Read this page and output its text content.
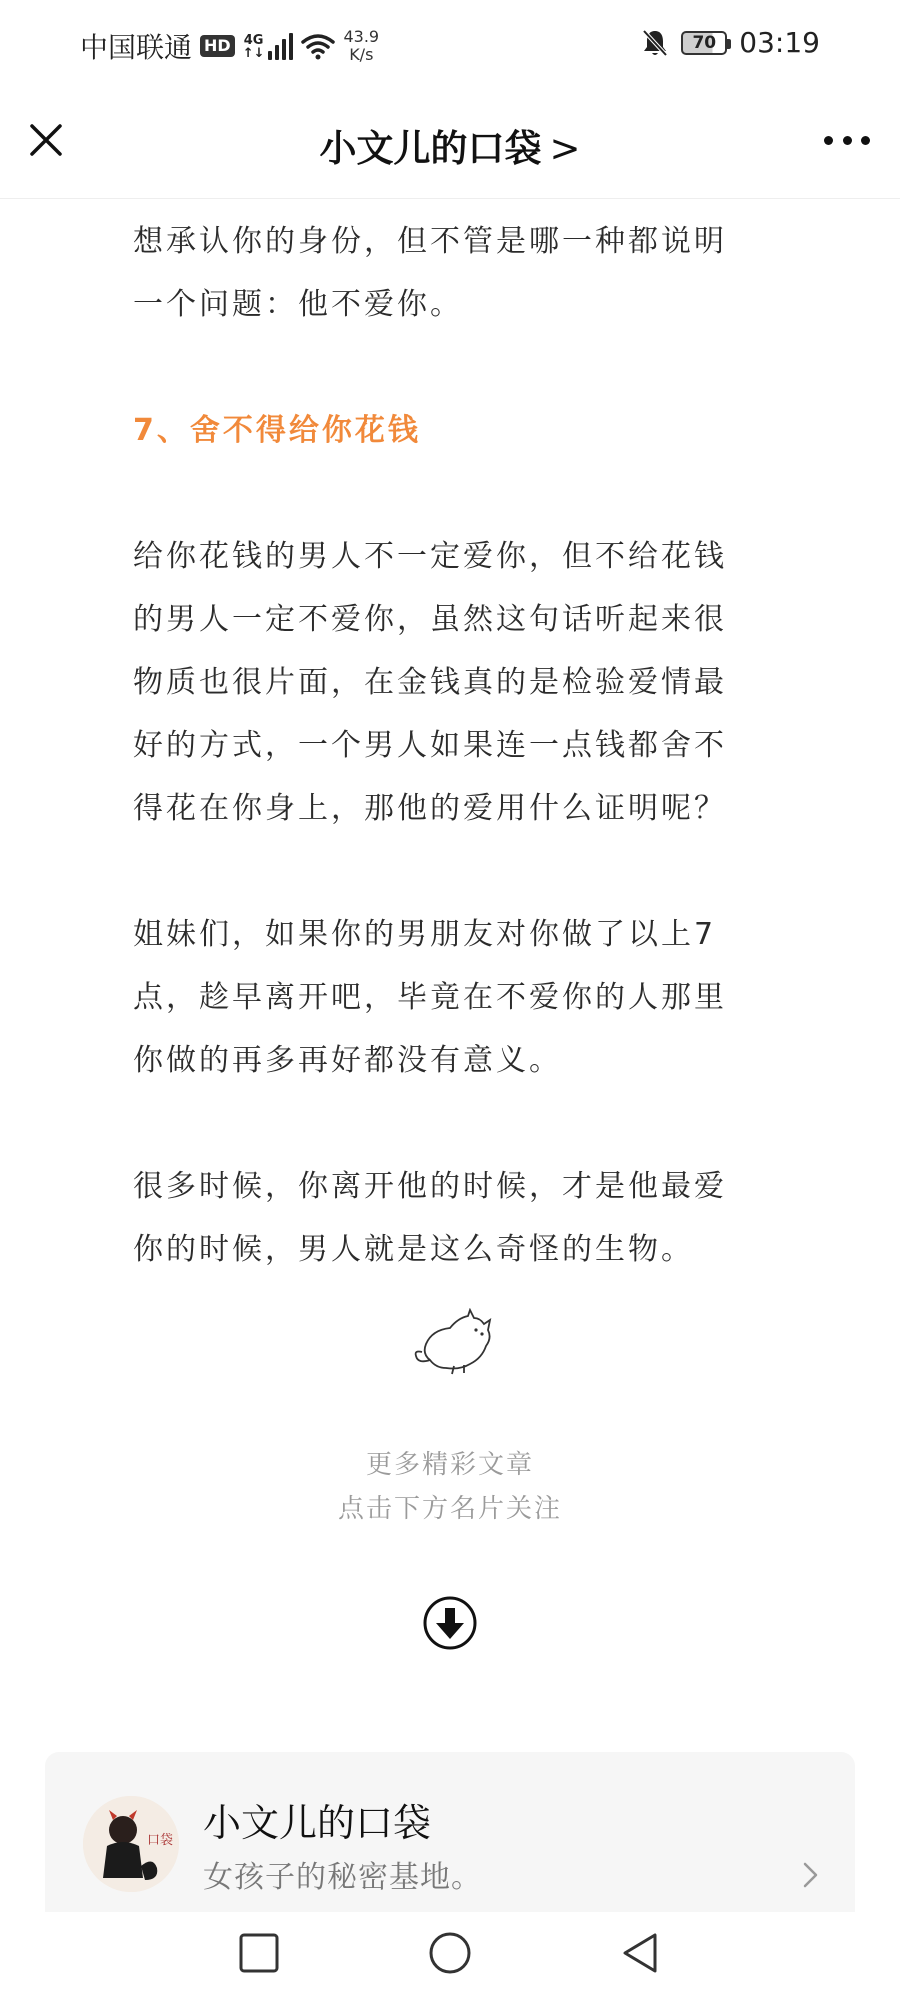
中国联通 HD	4G
↑↓
43.9
K/s
70 03:19
小文儿的口袋 >

想承认你的身份，但不管是哪一种都说明
一个问题：他不爱你。

7、舍不得给你花钱

给你花钱的男人不一定爱你，但不给花钱
的男人一定不爱你，虽然这句话听起来很
物质也很片面，在金钱真的是检验爱情最
好的方式，一个男人如果连一点钱都舍不
得花在你身上，那他的爱用什么证明呢？

姐妹们，如果你的男朋友对你做了以上7
点，趁早离开吧，毕竟在不爱你的人那里
你做的再多再好都没有意义。

很多时候，你离开他的时候，才是他最爱
你的时候，男人就是这么奇怪的生物。

更多精彩文章
点击下方名片关注
口袋 小文儿的口袋
女孩子的秘密基地。
